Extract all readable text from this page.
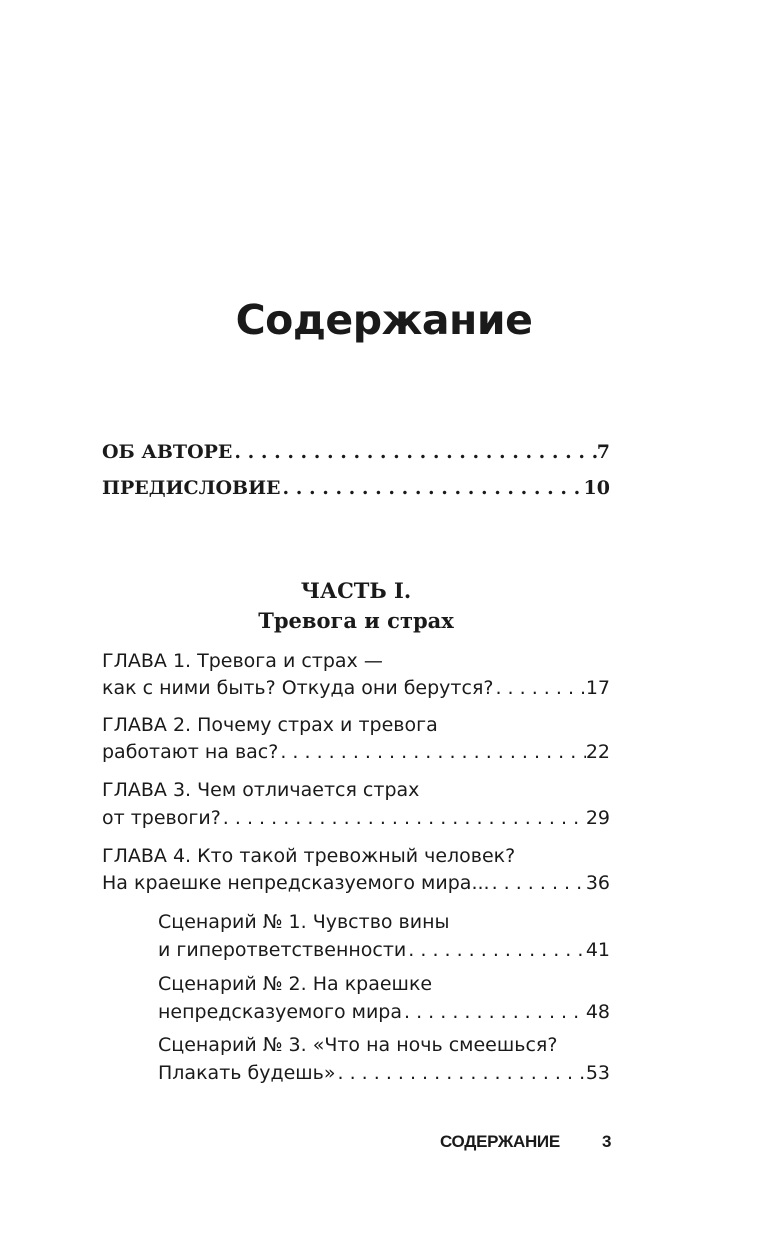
Содержание
ОБ АВТОРЕ . . .	7
ПРЕДИСЛОВИЕ . . .	10
ЧАСТЬ I.
Тревога и страх
ГЛАВА 1. Тревога и страх —
как с ними быть? Откуда они берутся? . . .	17
ГЛАВА 2. Почему страх и тревога
работают на вас? . . .	22
ГЛАВА 3. Чем отличается страх
от тревоги? . . .	29
ГЛАВА 4. Кто такой тревожный человек?
На краешке непредсказуемого мира... . . .	36
Сценарий № 1. Чувство вины
и гиперответственности . . .	41
Сценарий № 2. На краешке
непредсказуемого мира . . .	48
Сценарий № 3. «Что на ночь смеешься?
Плакать будешь» . . .	53
СОДЕРЖАНИЕ 3
